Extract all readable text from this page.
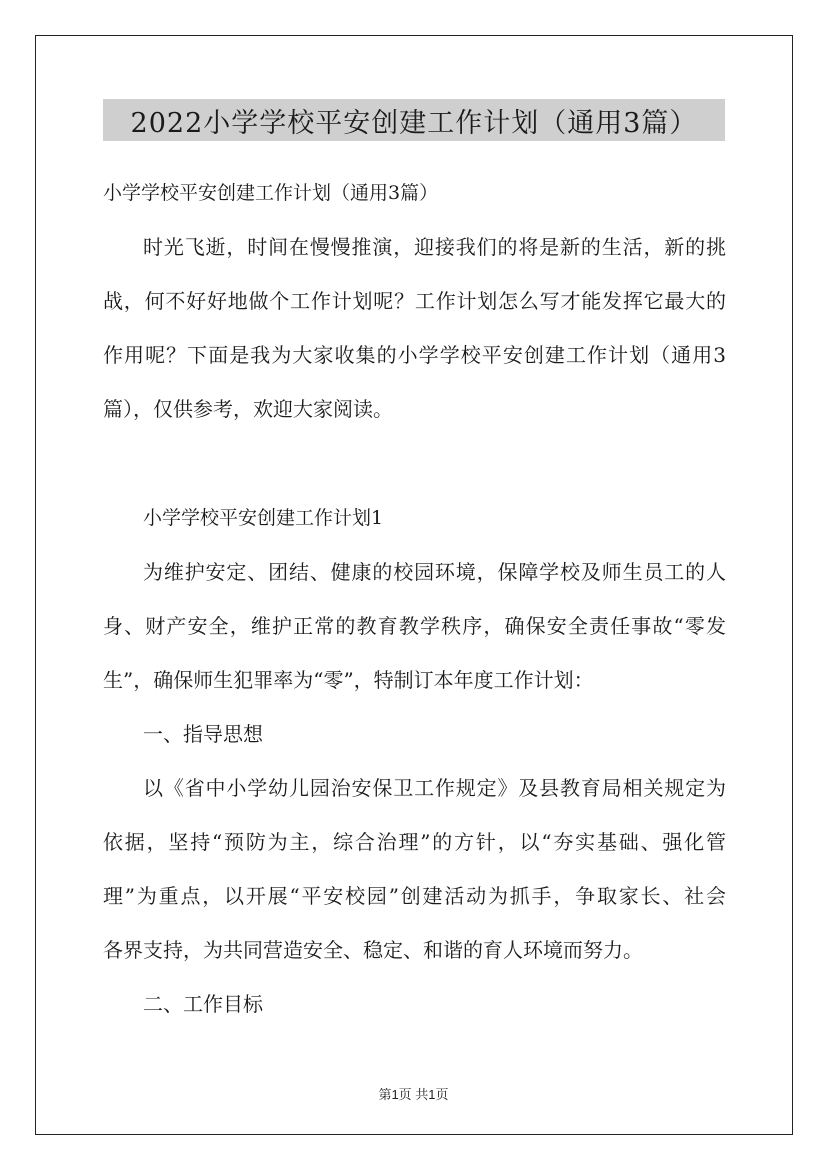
2022小学学校平安创建工作计划（通用3篇）
小学学校平安创建工作计划（通用3篇）
时光飞逝，时间在慢慢推演，迎接我们的将是新的生活，新的挑
战，何不好好地做个工作计划呢？工作计划怎么写才能发挥它最大的
作用呢？下面是我为大家收集的小学学校平安创建工作计划（通用3
篇），仅供参考，欢迎大家阅读。
小学学校平安创建工作计划1
为维护安定、团结、健康的校园环境，保障学校及师生员工的人
身、财产安全，维护正常的教育教学秩序，确保安全责任事故“零发
生”，确保师生犯罪率为“零”，特制订本年度工作计划：
一、指导思想
以《省中小学幼儿园治安保卫工作规定》及县教育局相关规定为
依据，坚持“预防为主，综合治理”的方针，以“夯实基础、强化管
理”为重点，以开展“平安校园”创建活动为抓手，争取家长、社会
各界支持，为共同营造安全、稳定、和谐的育人环境而努力。
二、工作目标
第1页 共1页
